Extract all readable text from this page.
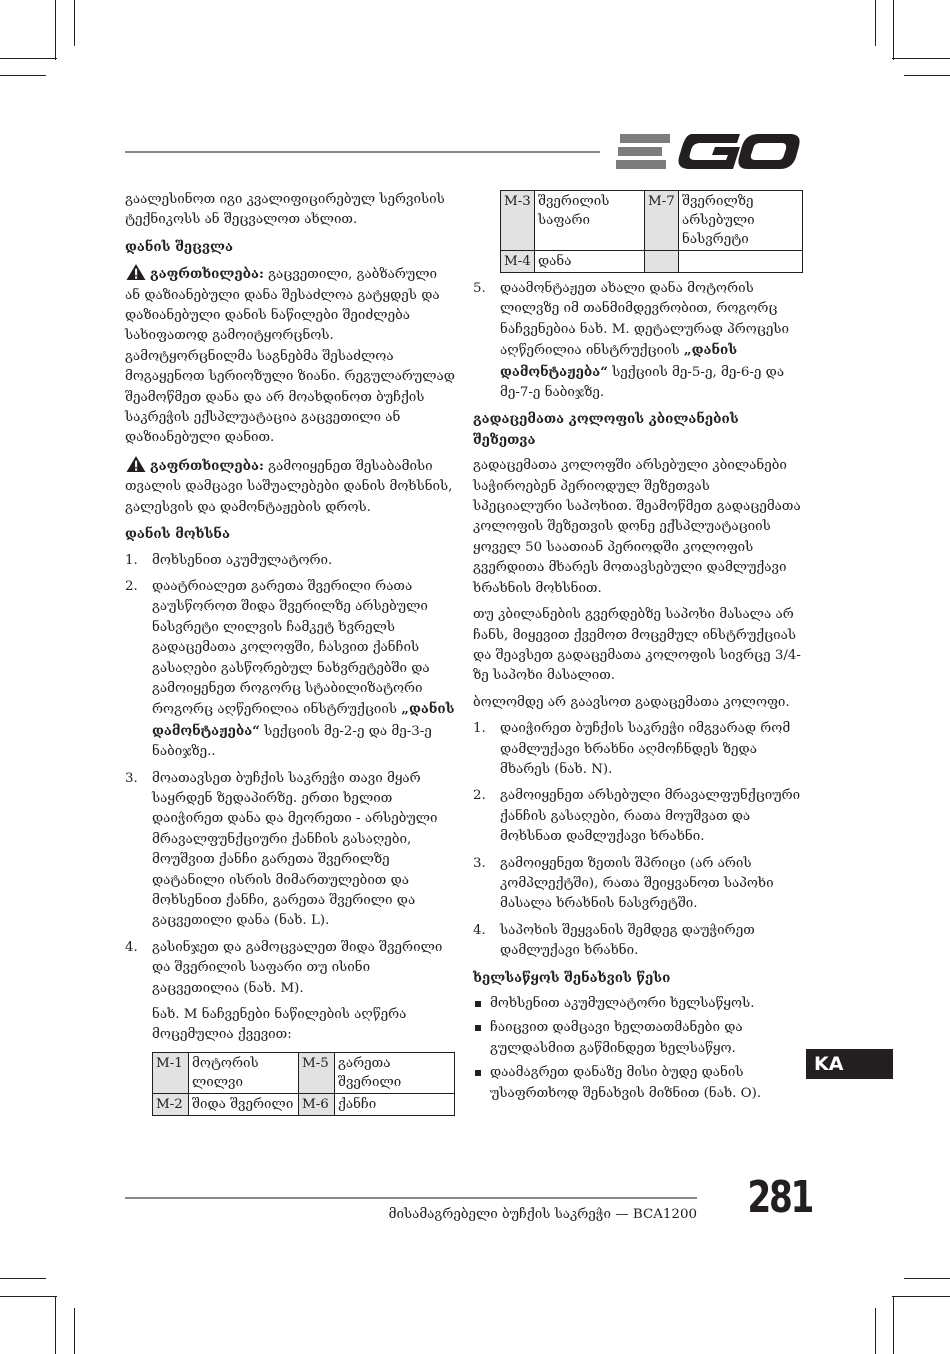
გაალესინოთ იგი კვალიფიცირებულ სერვისის ტექნიკოსს ან შეცვალოთ ახლით.

დანის შეცვლა

გაფრთხილება: გაცვეთილი, გაბზარული ან დაზიანებული დანა შესაძლოა გატყდეს და დაზიანებული დანის ნაწილები შეიძლება სახიფათოდ გამოიტყორცნოს. გამოტყორცნილმა საგნებმა შესაძლოა მოგაყენოთ სერიოზული ზიანი. რეგულარულად შეამოწმეთ დანა და არ მოახდინოთ ბუჩქის საკრეჭის ექსპლუატაცია გაცვეთილი ან დაზიანებული დანით.

გაფრთხილება: გამოიყენეთ შესაბამისი თვალის დამცავი საშუალებები დანის მოხსნის, გალესვის და დამონტაჟების დროს.

დანის მოხსნა
1. მოხსენით აკუმულატორი.
2. დაატრიალეთ გარეთა შვერილი რათა გაუსწოროთ შიდა შვერილზე არსებული ნასვრეტი ლილვის ჩამკეტ ხვრელს გადაცემათა კოლოფში, ჩასვით ქანჩის გასაღები გასწორებულ ნახვრეტებში და გამოიყენეთ როგორც სტაბილიზატორი როგორც აღწერილია ინსტრუქციის „დანის დამონტაჟება“ სექციის მე-2-ე და მე-3-ე ნაბიჯზე..
3. მოათავსეთ ბუჩქის საკრეჭი თავი მყარ საყრდენ ზედაპირზე. ერთი ხელით დაიჭირეთ დანა და მეორეთი - არსებული მრავალფუნქციური ქანჩის გასაღები, მოუშვით ქანჩი გარეთა შვერილზე დატანილი ისრის მიმართულებით და მოხსენით ქანჩი, გარეთა შვერილი და გაცვეთილი დანა (ნახ. L).
4. გასინჯეთ და გამოცვალეთ შიდა შვერილი და შვერილის საფარი თუ ისინი გაცვეთილია (ნახ. M).
ნახ. M ნაჩვენები ნაწილების აღწერა მოცემულია ქვევით:
M-1	მოტორის ლილვი	M-5	გარეთა შვერილი
M-2	შიდა შვერილი	M-6	ქანჩი
M-3	შვერილის საფარი	M-7	შვერილზე არსებული ნასვრეტი
M-4	დანა		
5. დაამონტაჟეთ ახალი დანა მოტორის ლილვზე იმ თანმიმდევრობით, როგორც ნაჩვენებია ნახ. M. დეტალურად პროცესი აღწერილია ინსტრუქციის „დანის დამონტაჟება“ სექციის მე-5-ე, მე-6-ე და მე-7-ე ნაბიჯზე.
გადაცემათა კოლოფის კბილანების შეზეთვა

გადაცემათა კოლოფში არსებული კბილანები საჭიროებენ პერიოდულ შეზეთვას სპეციალური საპოხით. შეამოწმეთ გადაცემათა კოლოფის შეზეთვის დონე ექსპლუატაციის ყოველ 50 საათიან პერიოდში კოლოფის გვერდითა მხარეს მოთავსებული დამლუქავი ხრახნის მოხსნით.

თუ კბილანების გვერდებზე საპოხი მასალა არ ჩანს, მიყევით ქვემოთ მოცემულ ინსტრუქციას და შეავსეთ გადაცემათა კოლოფის სივრცე 3/4-ზე საპოხი მასალით.

ბოლომდე არ გაავსოთ გადაცემათა კოლოფი.

1. დაიჭირეთ ბუჩქის საკრეჭი იმგვარად რომ დამლუქავი ხრახნი აღმოჩნდეს ზედა მხარეს (ნახ. N).
2. გამოიყენეთ არსებული მრავალფუნქციური ქანჩის გასაღები, რათა მოუშვათ და მოხსნათ დამლუქავი ხრახნი.
3. გამოიყენეთ ზეთის შპრიცი (არ არის კომპლექტში), რათა შეიყვანოთ საპოხი მასალა ხრახნის ნასვრეტში.
4. საპოხის შეყვანის შემდეგ დაუჭირეთ დამლუქავი ხრახნი.
ხელსაწყოს შენახვის წესი
მოხსენით აკუმულატორი ხელსაწყოს.
ჩაიცვით დამცავი ხელთათმანები და გულდასმით გაწმინდეთ ხელსაწყო.
დაამაგრეთ დანაზე მისი ბუდე დანის უსაფრთხოდ შენახვის მიზნით (ნახ. O).
KA
მისამაგრებელი ბუჩქის საკრეჭი — BCA1200 281
